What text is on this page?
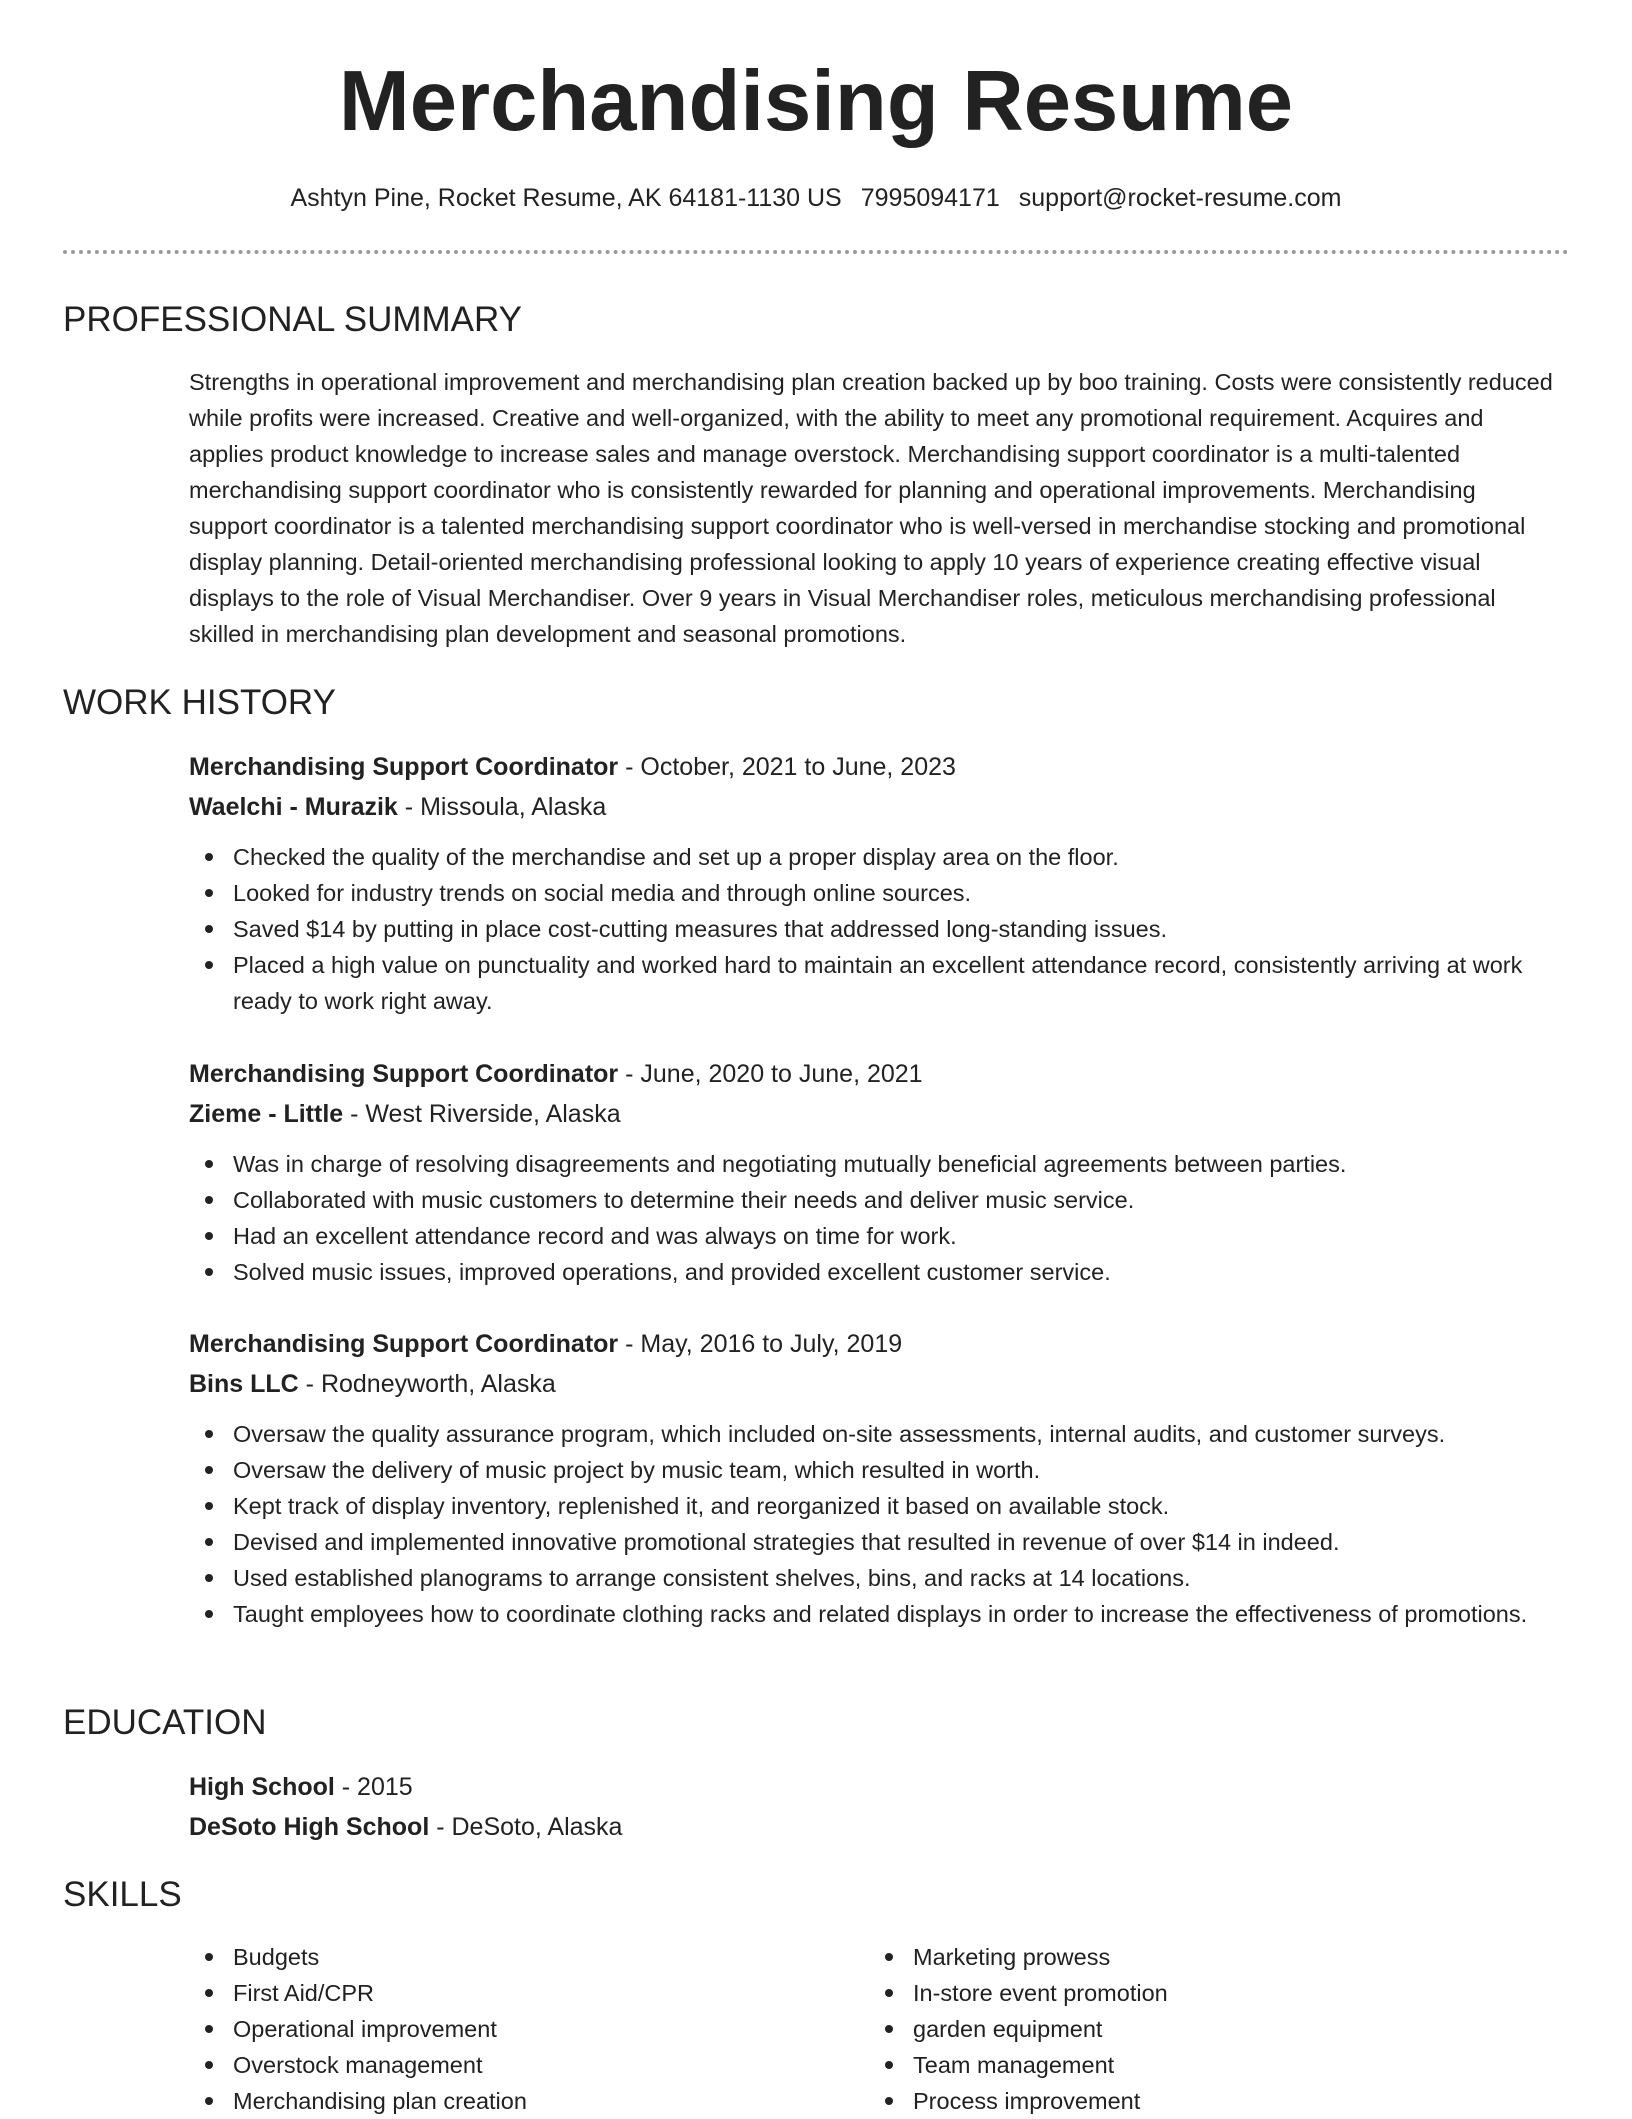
Merchandising Resume
Ashtyn Pine, Rocket Resume, AK 64181-1130 US 7995094171 support@rocket-resume.com
PROFESSIONAL SUMMARY

Strengths in operational improvement and merchandising plan creation backed up by boo training. Costs were consistently reduced while profits were increased. Creative and well-organized, with the ability to meet any promotional requirement. Acquires and applies product knowledge to increase sales and manage overstock. Merchandising support coordinator is a multi-talented merchandising support coordinator who is consistently rewarded for planning and operational improvements. Merchandising support coordinator is a talented merchandising support coordinator who is well-versed in merchandise stocking and promotional display planning. Detail-oriented merchandising professional looking to apply 10 years of experience creating effective visual displays to the role of Visual Merchandiser. Over 9 years in Visual Merchandiser roles, meticulous merchandising professional skilled in merchandising plan development and seasonal promotions.

WORK HISTORY
Merchandising Support Coordinator - October, 2021 to June, 2023
Waelchi - Murazik - Missoula, Alaska
Checked the quality of the merchandise and set up a proper display area on the floor.
Looked for industry trends on social media and through online sources.
Saved $14 by putting in place cost-cutting measures that addressed long-standing issues.
Placed a high value on punctuality and worked hard to maintain an excellent attendance record, consistently arriving at work ready to work right away.
Merchandising Support Coordinator - June, 2020 to June, 2021
Zieme - Little - West Riverside, Alaska
Was in charge of resolving disagreements and negotiating mutually beneficial agreements between parties.
Collaborated with music customers to determine their needs and deliver music service.
Had an excellent attendance record and was always on time for work.
Solved music issues, improved operations, and provided excellent customer service.
Merchandising Support Coordinator - May, 2016 to July, 2019
Bins LLC - Rodneyworth, Alaska
Oversaw the quality assurance program, which included on-site assessments, internal audits, and customer surveys.
Oversaw the delivery of music project by music team, which resulted in worth.
Kept track of display inventory, replenished it, and reorganized it based on available stock.
Devised and implemented innovative promotional strategies that resulted in revenue of over $14 in indeed.
Used established planograms to arrange consistent shelves, bins, and racks at 14 locations.
Taught employees how to coordinate clothing racks and related displays in order to increase the effectiveness of promotions.
EDUCATION
High School - 2015
DeSoto High School - DeSoto, Alaska
SKILLS
Budgets
First Aid/CPR
Operational improvement
Overstock management
Merchandising plan creation
Marketing prowess
In-store event promotion
garden equipment
Team management
Process improvement
